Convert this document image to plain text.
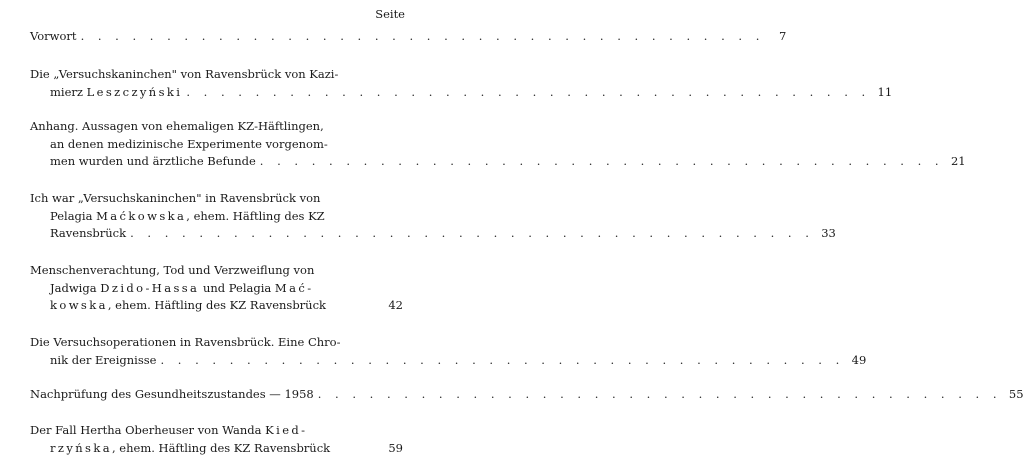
Seite
Vorwort . . . . . . . . . . . . . . . . . . . . . . . . . . . . . . . . . . . . . . . .	7
Die „Versuchskaninchen" von Ravensbrück von Kazi-
mierz Leszczyński . . . . . . . . . . . . . . . . . . . . . . . . . . . . . . . . . . . . . . . . 11
Anhang. Aussagen von ehemaligen KZ-Häftlingen,
an denen medizinische Experimente vorgenom-
men wurden und ärztliche Befunde . . . . . . . . . . . . . . . . . . . . . . . . . . . . . . . . . . . . . . . . 21
Ich war „Versuchskaninchen" in Ravensbrück von
Pelagia Maćkowska, ehem. Häftling des KZ
Ravensbrück . . . . . . . . . . . . . . . . . . . . . . . . . . . . . . . . . . . . . . . . 33
Menschenverachtung, Tod und Verzweiflung von
Jadwiga Dzido-Hassa und Pelagia Mać-
kowska, ehem. Häftling des KZ Ravensbrück	42
Die Versuchsoperationen in Ravensbrück. Eine Chro-
nik der Ereignisse . . . . . . . . . . . . . . . . . . . . . . . . . . . . . . . . . . . . . . . . 49
Nachprüfung des Gesundheitszustandes — 1958 . . . . . . . . . . . . . . . . . . . . . . . . . . . . . . . . . . . . . . . . 55
Der Fall Hertha Oberheuser von Wanda Kied-
rzyńska, ehem. Häftling des KZ Ravensbrück	59
